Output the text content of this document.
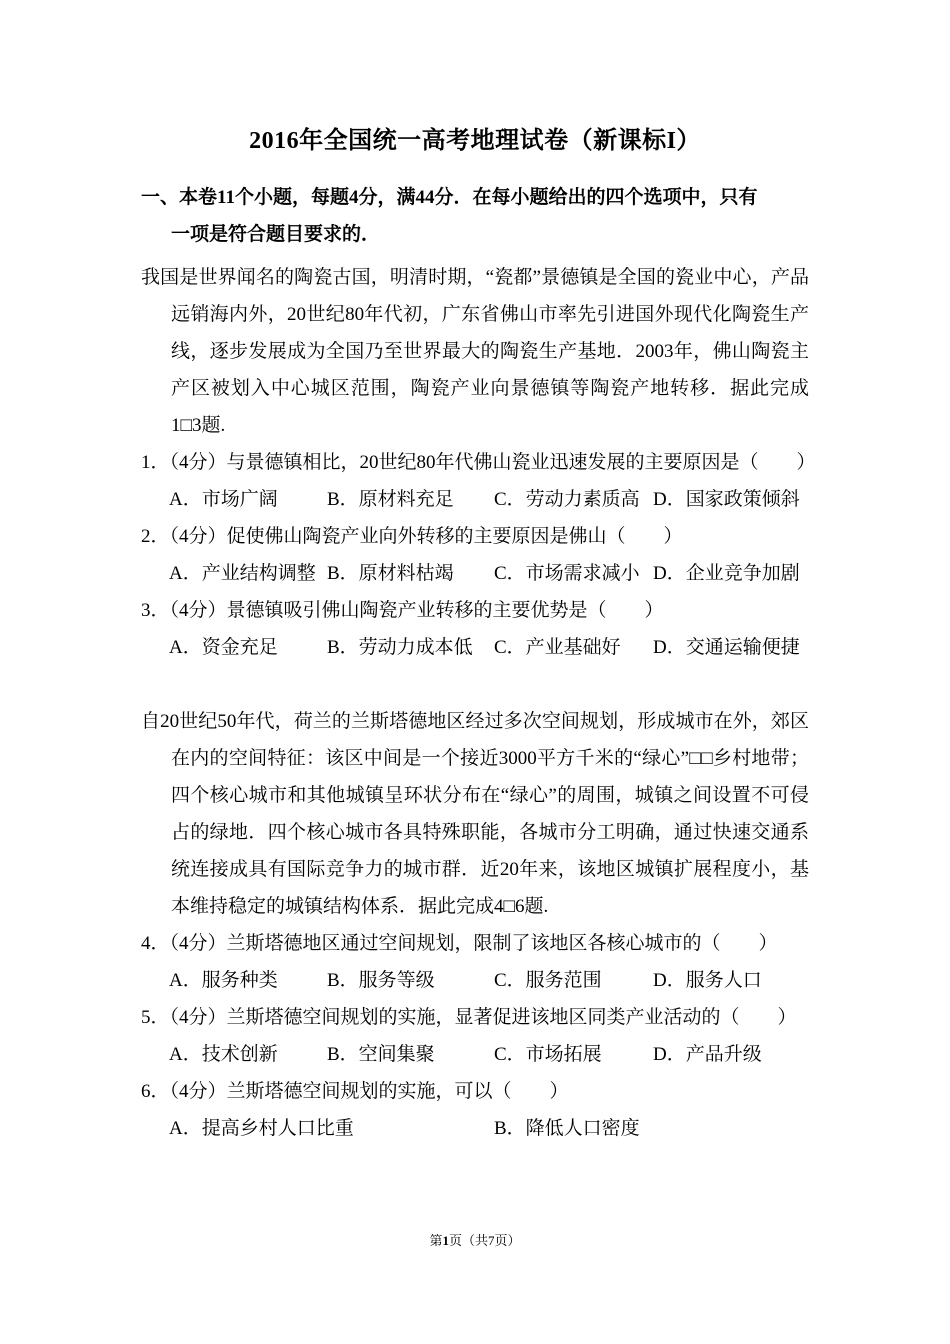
2016年全国统一高考地理试卷（新课标I）

一、本卷11个小题，每题4分，满44分．在每小题给出的四个选项中，只有
一项是符合题目要求的．

我国是世界闻名的陶瓷古国，明清时期，“瓷都”景德镇是全国的瓷业中心，产品远销海内外，20世纪80年代初，广东省佛山市率先引进国外现代化陶瓷生产线，逐步发展成为全国乃至世界最大的陶瓷生产基地．2003年，佛山陶瓷主产区被划入中心城区范围，陶瓷产业向景德镇等陶瓷产地转移．据此完成1□3题.

1．（4分）与景德镇相比，20世纪80年代佛山瓷业迅速发展的主要原因是（　　）

A．市场广阔	B．原材料充足	C．劳动力素质高 D．国家政策倾斜

2．（4分）促使佛山陶瓷产业向外转移的主要原因是佛山（　　）

A．产业结构调整 B．原材料枯竭	C．市场需求减小 D．企业竞争加剧

3．（4分）景德镇吸引佛山陶瓷产业转移的主要优势是（　　）

A．资金充足	B．劳动力成本低	C．产业基础好	D．交通运输便捷

自20世纪50年代，荷兰的兰斯塔德地区经过多次空间规划，形成城市在外，郊区在内的空间特征：该区中间是一个接近3000平方千米的“绿心”□□乡村地带；四个核心城市和其他城镇呈环状分布在“绿心”的周围，城镇之间设置不可侵占的绿地．四个核心城市各具特殊职能，各城市分工明确，通过快速交通系统连接成具有国际竞争力的城市群．近20年来，该地区城镇扩展程度小，基本维持稳定的城镇结构体系．据此完成4□6题.

4．（4分）兰斯塔德地区通过空间规划，限制了该地区各核心城市的（　　）

A．服务种类	B．服务等级	C．服务范围	D．服务人口

5．（4分）兰斯塔德空间规划的实施，显著促进该地区同类产业活动的（　　）

A．技术创新	B．空间集聚	C．市场拓展	D．产品升级

6．（4分）兰斯塔德空间规划的实施，可以（　　）

A．提高乡村人口比重	B．降低人口密度
第1页（共7页）
